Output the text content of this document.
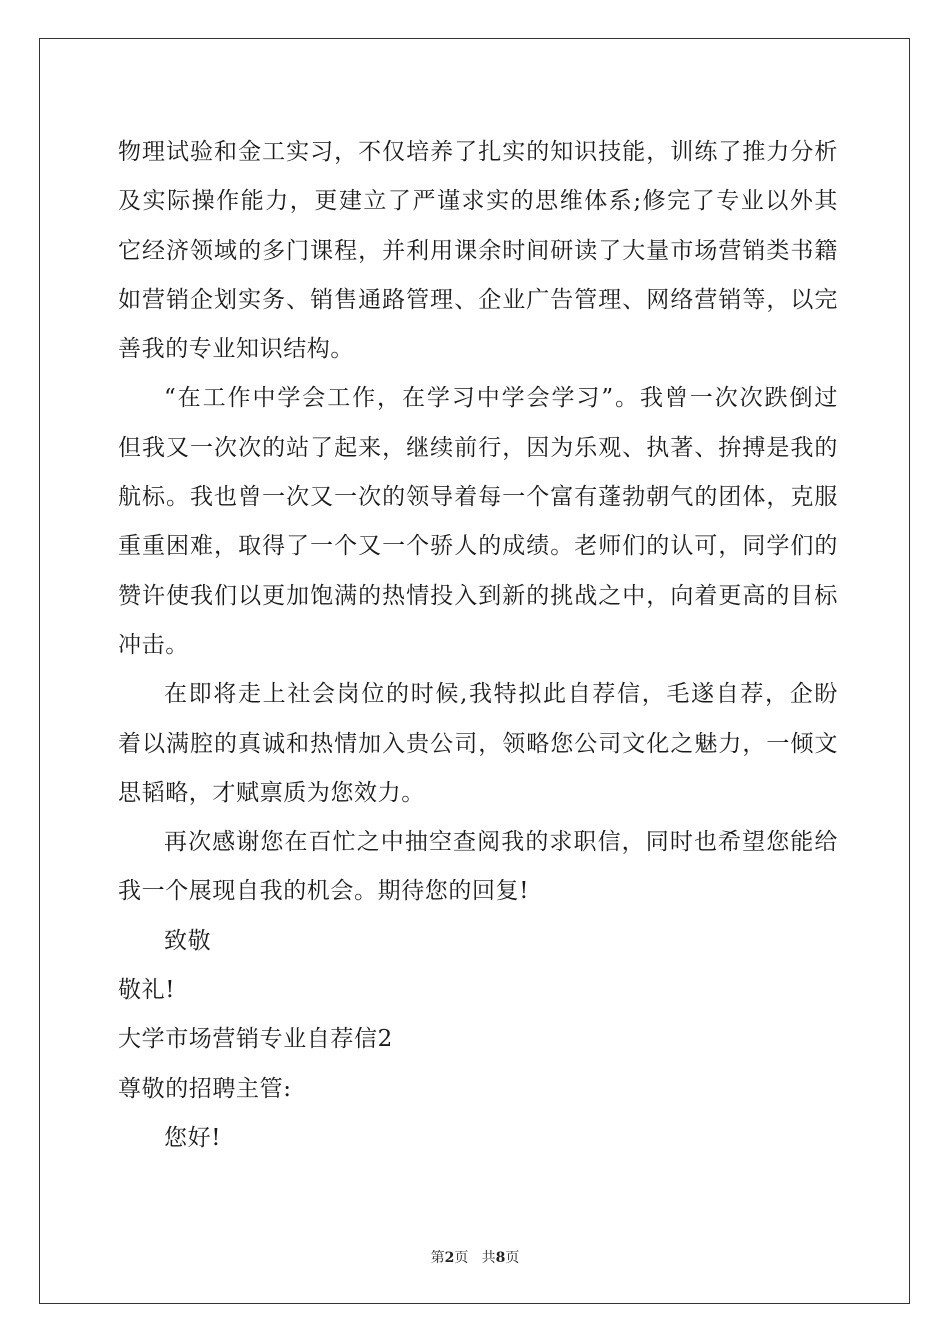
物理试验和金工实习，不仅培养了扎实的知识技能，训练了推力分析
及实际操作能力，更建立了严谨求实的思维体系;修完了专业以外其
它经济领域的多门课程，并利用课余时间研读了大量市场营销类书籍
如营销企划实务、销售通路管理、企业广告管理、网络营销等，以完
善我的专业知识结构。
“在工作中学会工作，在学习中学会学习”。我曾一次次跌倒过
但我又一次次的站了起来，继续前行，因为乐观、执著、拚搏是我的
航标。我也曾一次又一次的领导着每一个富有蓬勃朝气的团体，克服
重重困难，取得了一个又一个骄人的成绩。老师们的认可，同学们的
赞许使我们以更加饱满的热情投入到新的挑战之中，向着更高的目标
冲击。
在即将走上社会岗位的时候,我特拟此自荐信，毛遂自荐，企盼
着以满腔的真诚和热情加入贵公司，领略您公司文化之魅力，一倾文
思韬略，才赋禀质为您效力。
再次感谢您在百忙之中抽空查阅我的求职信，同时也希望您能给
我一个展现自我的机会。期待您的回复!
致敬
敬礼!
大学市场营销专业自荐信2
尊敬的招聘主管:
您好!
第2页 共8页
